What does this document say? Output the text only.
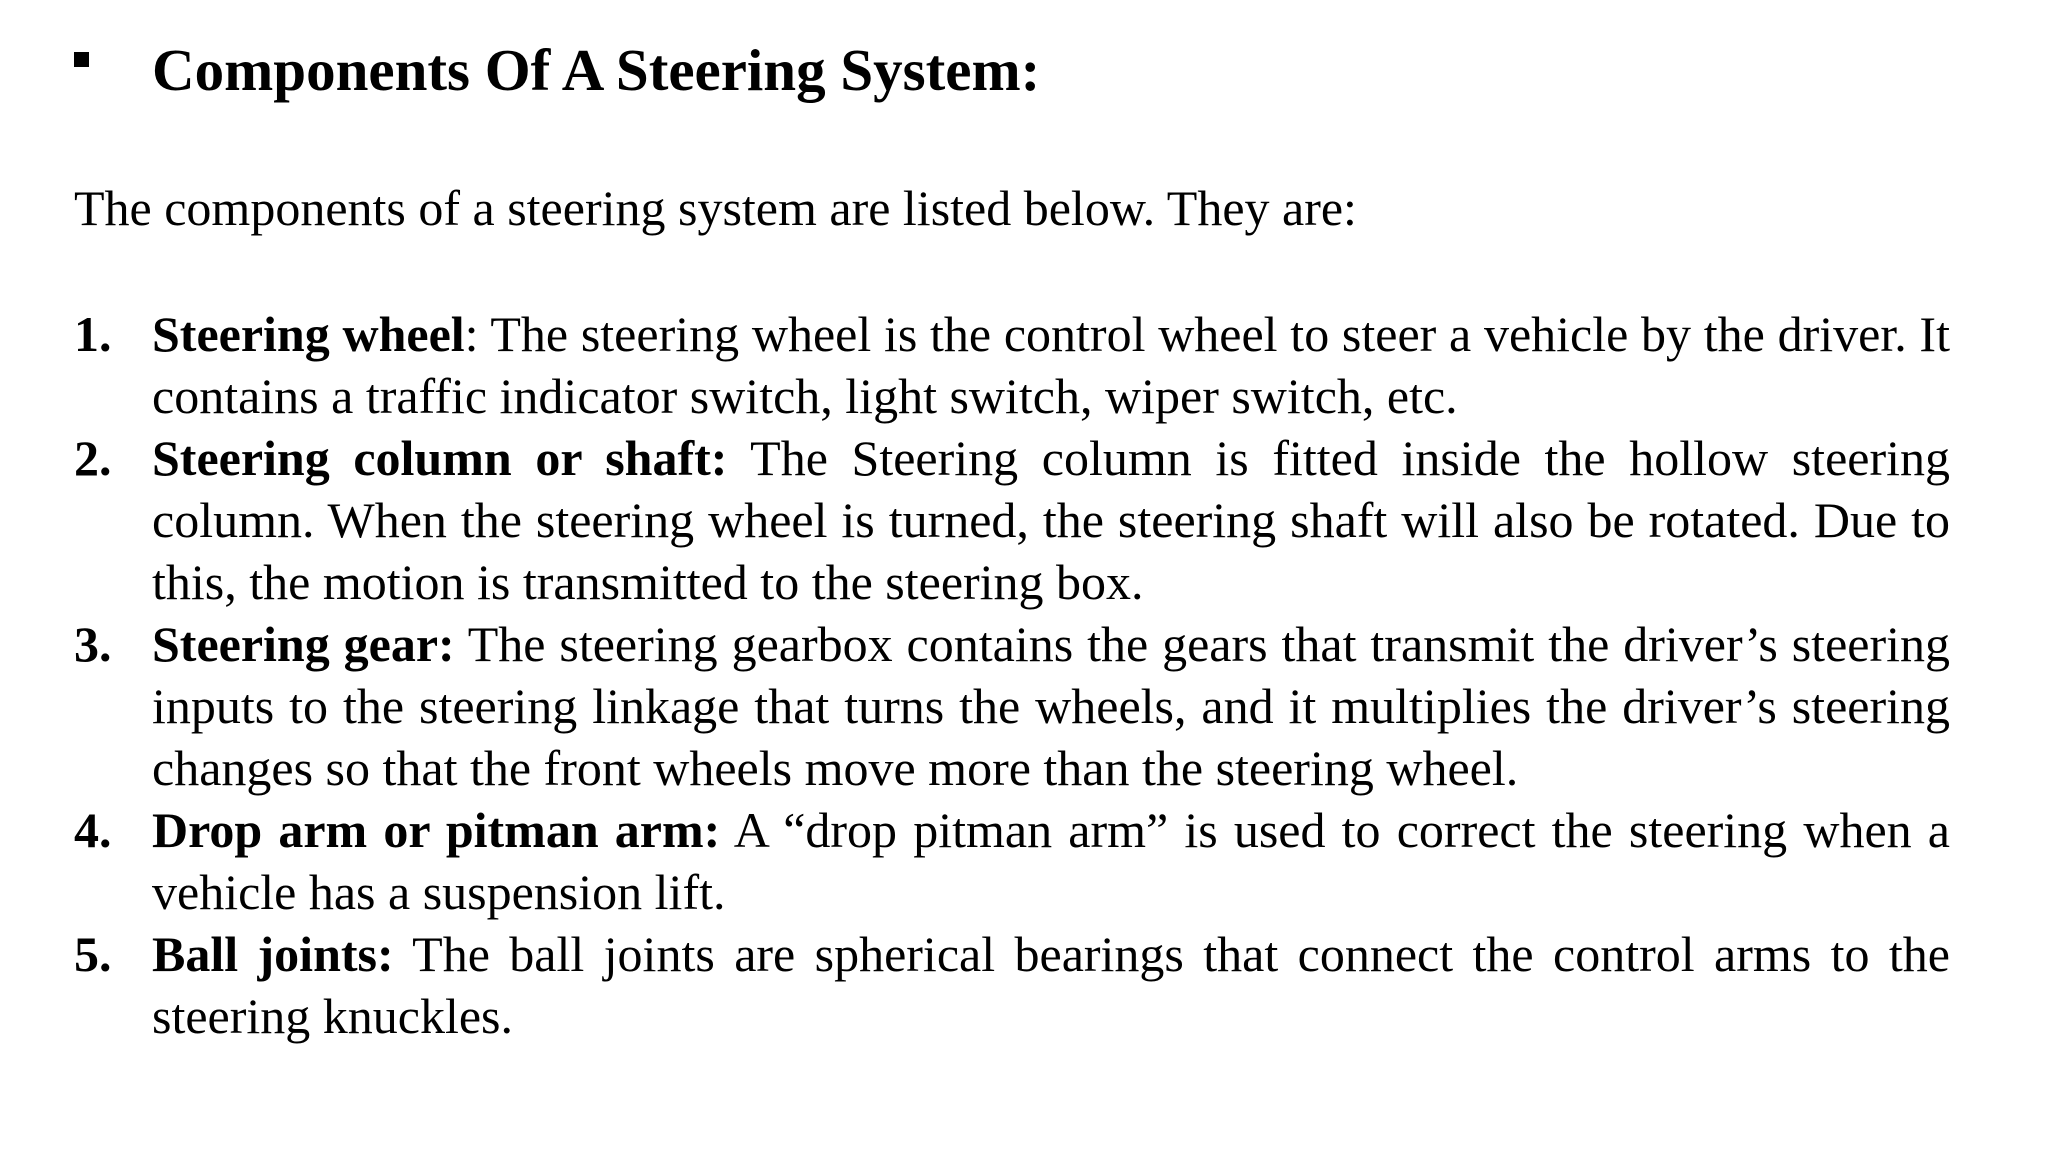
Components Of A Steering System:
The components of a steering system are listed below. They are:
1. Steering wheel: The steering wheel is the control wheel to steer a vehicle by the driver. It contains a traffic indicator switch, light switch, wiper switch, etc.
2. Steering column or shaft: The Steering column is fitted inside the hollow steering column. When the steering wheel is turned, the steering shaft will also be rotated. Due to this, the motion is transmitted to the steering box.
3. Steering gear: The steering gearbox contains the gears that transmit the driver’s steering inputs to the steering linkage that turns the wheels, and it multiplies the driver’s steering changes so that the front wheels move more than the steering wheel.
4. Drop arm or pitman arm: A “drop pitman arm” is used to correct the steering when a vehicle has a suspension lift.
5. Ball joints: The ball joints are spherical bearings that connect the control arms to the steering knuckles.
